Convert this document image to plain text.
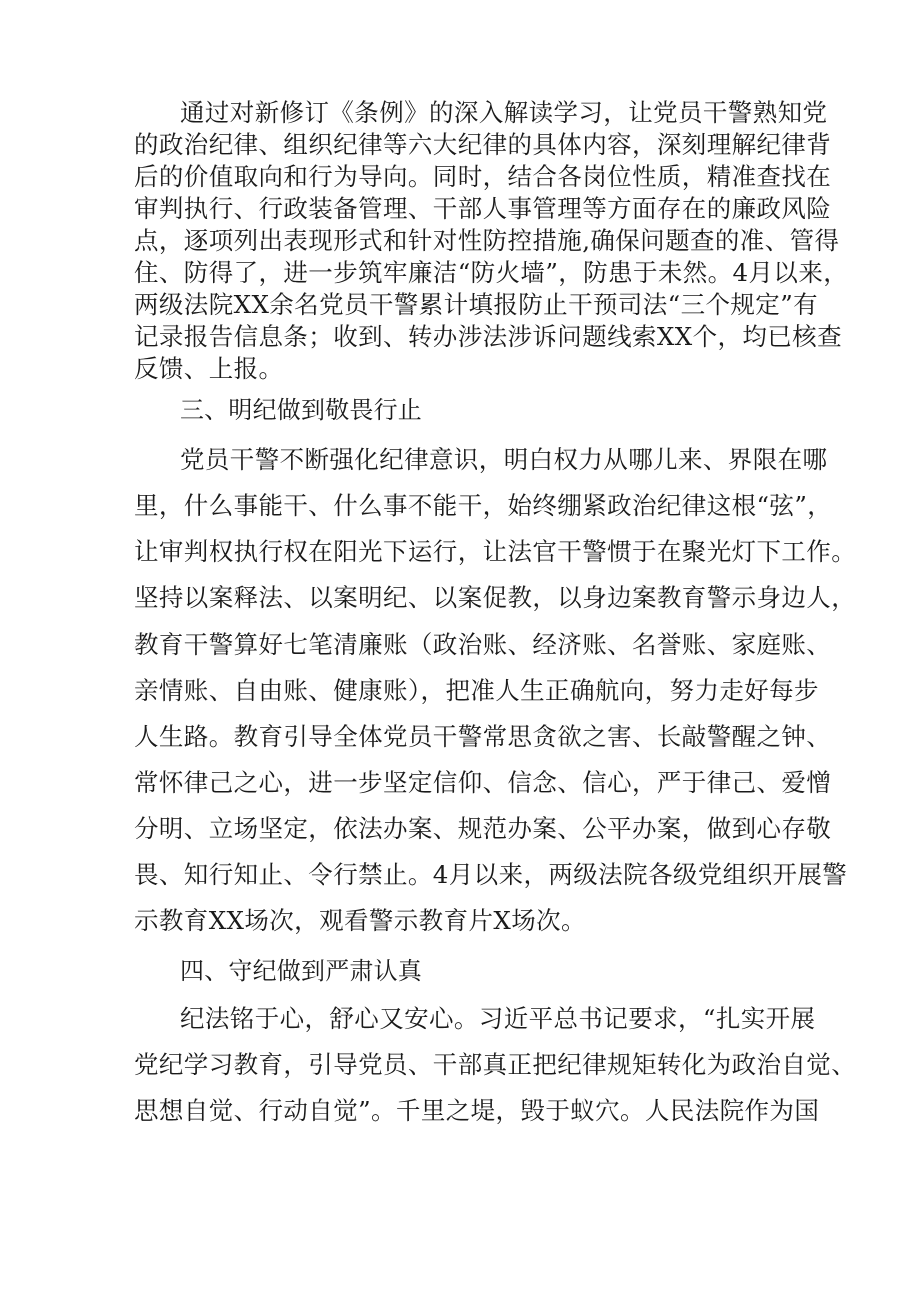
通过对新修订《条例》的深入解读学习，让党员干警熟知党
的政治纪律、组织纪律等六大纪律的具体内容，深刻理解纪律背
后的价值取向和行为导向。同时，结合各岗位性质，精准查找在
审判执行、行政装备管理、干部人事管理等方面存在的廉政风险
点，逐项列出表现形式和针对性防控措施,确保问题查的准、管得
住、防得了，进一步筑牢廉洁“防火墙”，防患于未然。4月以来，
两级法院XX余名党员干警累计填报防止干预司法“三个规定”有
记录报告信息条；收到、转办涉法涉诉问题线索XX个，均已核查
反馈、上报。
三、明纪做到敬畏行止
党员干警不断强化纪律意识，明白权力从哪儿来、界限在哪
里，什么事能干、什么事不能干，始终绷紧政治纪律这根“弦”，
让审判权执行权在阳光下运行，让法官干警惯于在聚光灯下工作。
坚持以案释法、以案明纪、以案促教，以身边案教育警示身边人，
教育干警算好七笔清廉账（政治账、经济账、名誉账、家庭账、
亲情账、自由账、健康账），把准人生正确航向，努力走好每步
人生路。教育引导全体党员干警常思贪欲之害、长敲警醒之钟、
常怀律己之心，进一步坚定信仰、信念、信心，严于律己、爱憎
分明、立场坚定，依法办案、规范办案、公平办案，做到心存敬
畏、知行知止、令行禁止。4月以来，两级法院各级党组织开展警
示教育XX场次，观看警示教育片X场次。
四、守纪做到严肃认真
纪法铭于心，舒心又安心。习近平总书记要求，“扎实开展
党纪学习教育，引导党员、干部真正把纪律规矩转化为政治自觉、
思想自觉、行动自觉”。千里之堤，毁于蚁穴。人民法院作为国
